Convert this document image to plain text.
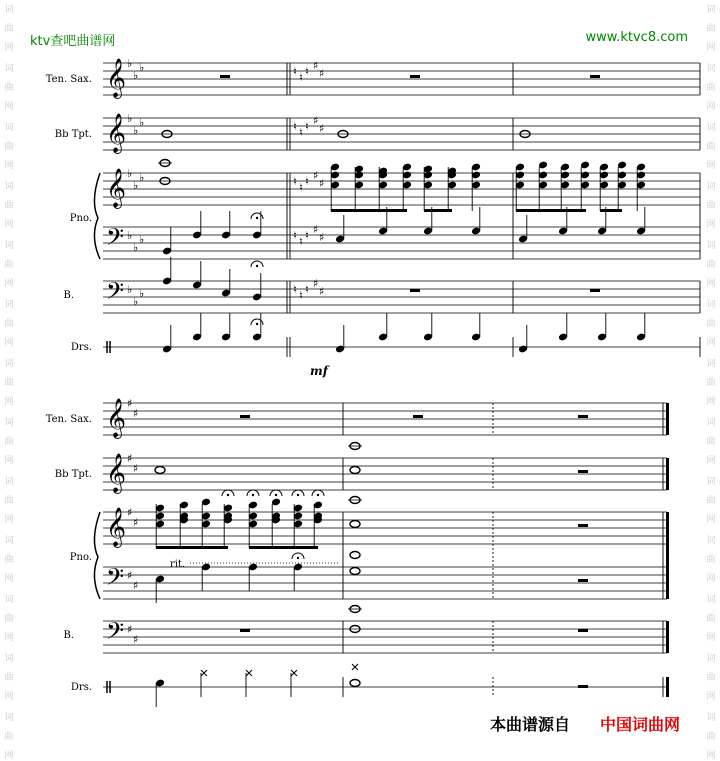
词
曲
网
词
曲
网
词
曲
网
词
曲
网
词
曲
网
词
曲
网
词
曲
网
词
曲
网
词
曲
网
词
曲
网
词
曲
网
词
曲
网
词
曲
网
词
曲
网
词
曲
网
词
曲
网
词
曲
网
词
曲
网
词
曲
网
词
曲
网
词
曲
网
词
曲
网
词
曲
网
词
曲
网
词
曲
网
词
曲
网
ktv查吧曲谱网	www.ktvc8.com
Ten. Sax.
Bb Tpt.
Pno.
B.
Drs.
𝄞
𝄞
𝄞
𝄢
𝄢
♭
♭
♭
♭
♭
♭
♭
♭
♭
♭
♭
♭
♭
♭
♭
♮ ♮ ♮ ♯
♯
♮ ♮ ♮ ♯
♯
♮ ♮ ♮ ♯
♯
♮ ♮ ♮ ♯
♯
♮ ♮ ♮ ♯
♯
mf
Ten. Sax.
Bb Tpt.
Pno.
B.
Drs.
𝄞
𝄞
𝄞
𝄢
𝄢
♯
♯
♯
♯
♯
♯
♯
♯
♯
♯
rit.
本曲谱源自 中国词曲网
